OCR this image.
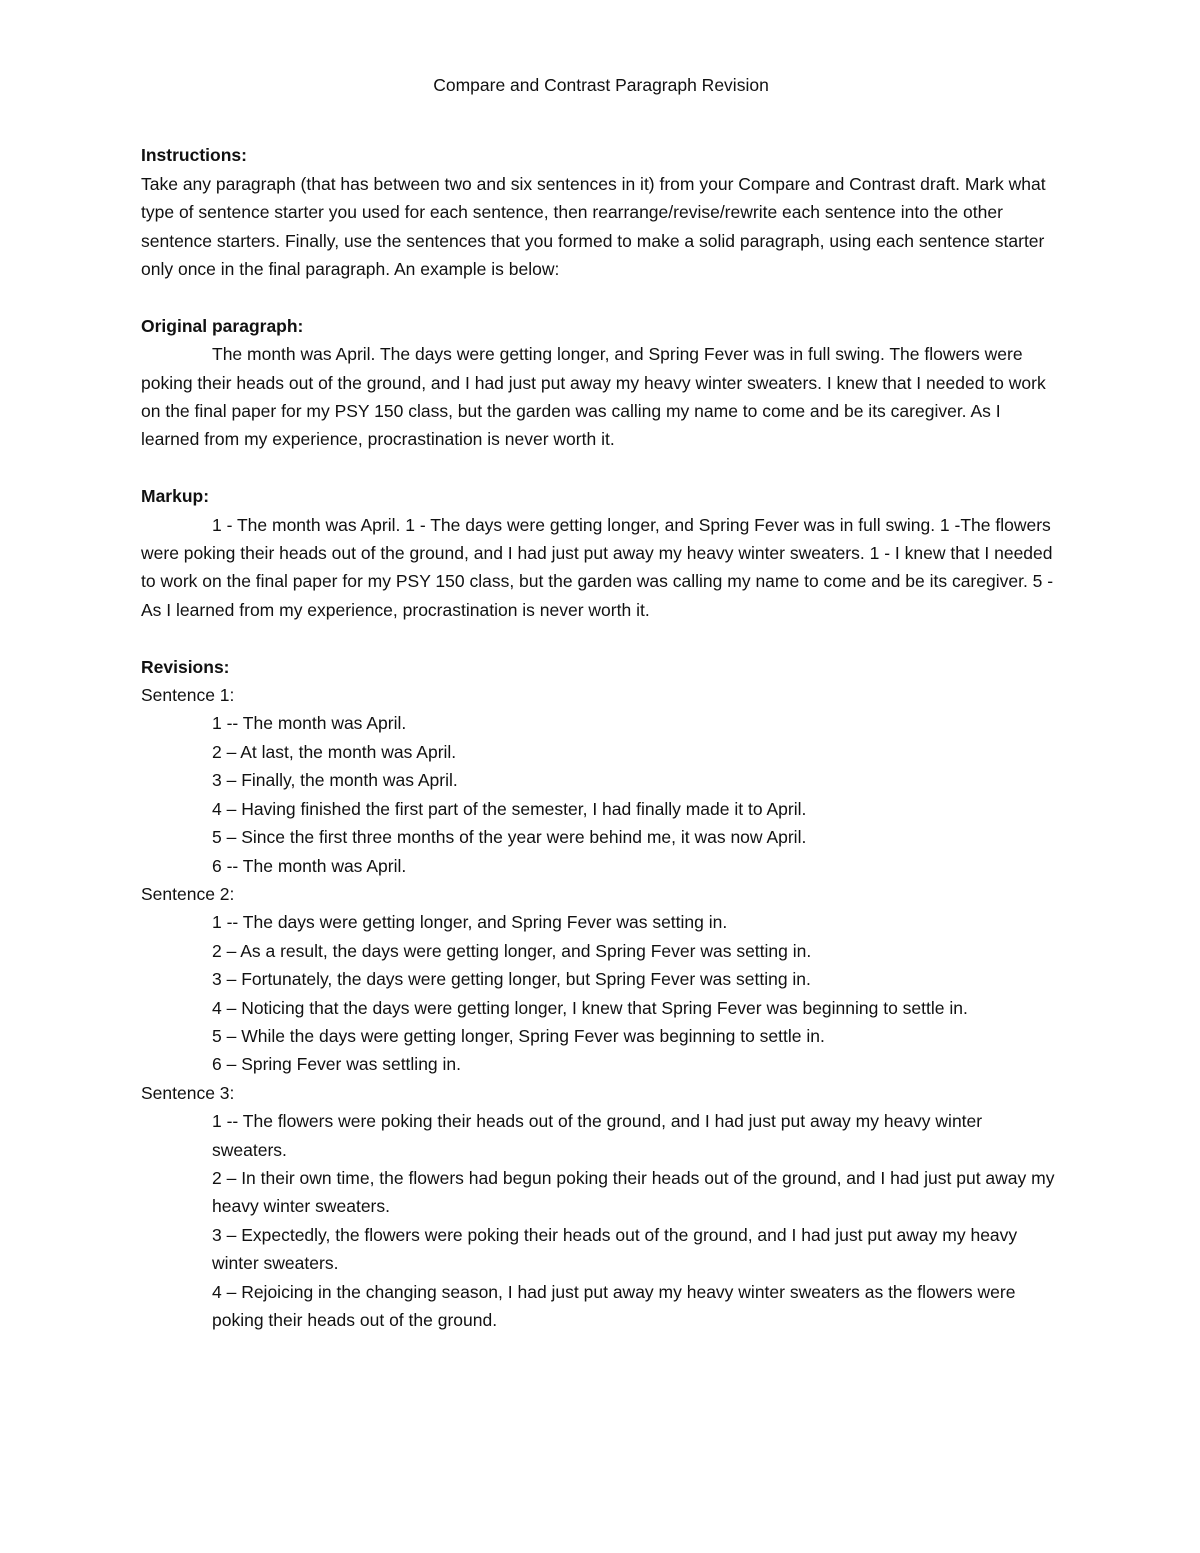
Compare and Contrast Paragraph Revision

Instructions:

Take any paragraph (that has between two and six sentences in it) from your Compare and Contrast draft. Mark what type of sentence starter you used for each sentence, then rearrange/revise/rewrite each sentence into the other sentence starters. Finally, use the sentences that you formed to make a solid paragraph, using each sentence starter only once in the final paragraph. An example is below:

Original paragraph:

The month was April. The days were getting longer, and Spring Fever was in full swing. The flowers were poking their heads out of the ground, and I had just put away my heavy winter sweaters. I knew that I needed to work on the final paper for my PSY 150 class, but the garden was calling my name to come and be its caregiver. As I learned from my experience, procrastination is never worth it.

Markup:

1 - The month was April. 1 - The days were getting longer, and Spring Fever was in full swing. 1 -The flowers were poking their heads out of the ground, and I had just put away my heavy winter sweaters. 1 - I knew that I needed to work on the final paper for my PSY 150 class, but the garden was calling my name to come and be its caregiver. 5 - As I learned from my experience, procrastination is never worth it.

Revisions:

Sentence 1:

1 -- The month was April.
2 – At last, the month was April.
3 – Finally, the month was April.
4 – Having finished the first part of the semester, I had finally made it to April.
5 – Since the first three months of the year were behind me, it was now April.
6 -- The month was April.

Sentence 2:

1 -- The days were getting longer, and Spring Fever was setting in.
2 – As a result, the days were getting longer, and Spring Fever was setting in.
3 – Fortunately, the days were getting longer, but Spring Fever was setting in.
4 – Noticing that the days were getting longer, I knew that Spring Fever was beginning to settle in.
5 – While the days were getting longer, Spring Fever was beginning to settle in.
6 – Spring Fever was settling in.

Sentence 3:

1 -- The flowers were poking their heads out of the ground, and I had just put away my heavy winter sweaters.
2 – In their own time, the flowers had begun poking their heads out of the ground, and I had just put away my heavy winter sweaters.
3 – Expectedly, the flowers were poking their heads out of the ground, and I had just put away my heavy winter sweaters.
4 – Rejoicing in the changing season, I had just put away my heavy winter sweaters as the flowers were poking their heads out of the ground.
